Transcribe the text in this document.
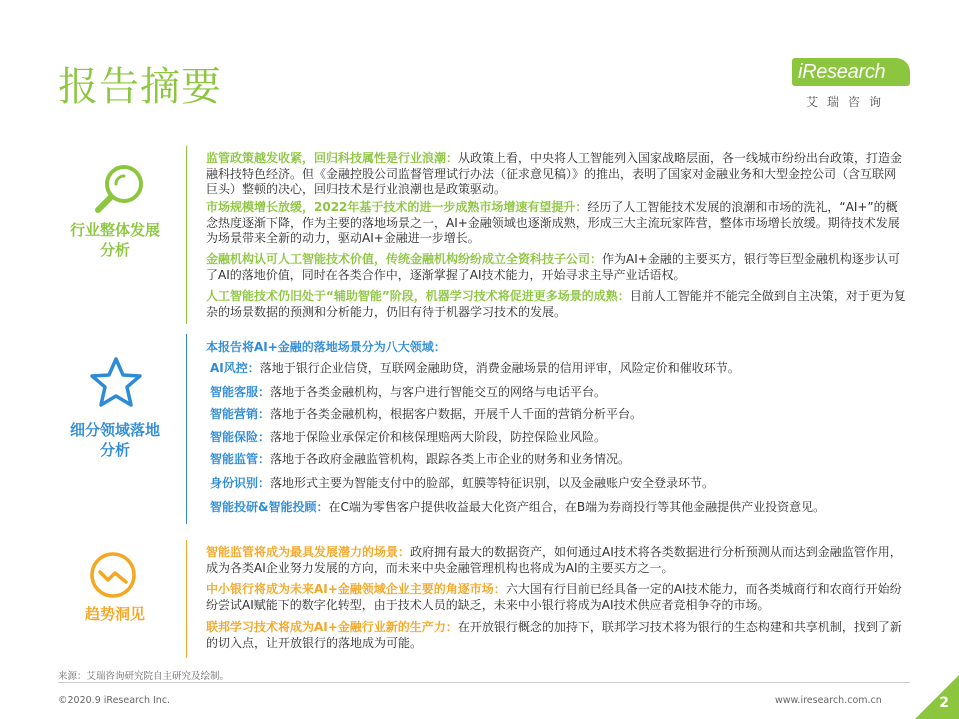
报告摘要	iResearch
艾瑞咨询
行业整体发展
分析
监管政策越发收紧，回归科技属性是行业浪潮：从政策上看，中央将人工智能列入国家战略层面，各一线城市纷纷出台政策，打造金融科技特色经济。但《金融控股公司监督管理试行办法（征求意见稿）》的推出，表明了国家对金融业务和大型金控公司（含互联网巨头）整顿的决心，回归技术是行业浪潮也是政策驱动。
市场规模增长放缓，2022年基于技术的进一步成熟市场增速有望提升：经历了人工智能技术发展的浪潮和市场的洗礼，“AI+”的概念热度逐渐下降，作为主要的落地场景之一，AI+金融领域也逐渐成熟，形成三大主流玩家阵营，整体市场增长放缓。期待技术发展为场景带来全新的动力，驱动AI+金融进一步增长。
金融机构认可人工智能技术价值，传统金融机构纷纷成立全资科技子公司：作为AI+金融的主要买方，银行等巨型金融机构逐步认可了AI的落地价值，同时在各类合作中，逐渐掌握了AI技术能力，开始寻求主导产业话语权。
人工智能技术仍旧处于“辅助智能”阶段，机器学习技术将促进更多场景的成熟：目前人工智能并不能完全做到自主决策，对于更为复杂的场景数据的预测和分析能力，仍旧有待于机器学习技术的发展。
细分领域落地
分析
本报告将AI+金融的落地场景分为八大领域：
AI风控：落地于银行企业信贷，互联网金融助贷，消费金融场景的信用评审，风险定价和催收环节。
智能客服：落地于各类金融机构，与客户进行智能交互的网络与电话平台。
智能营销：落地于各类金融机构，根据客户数据，开展千人千面的营销分析平台。
智能保险：落地于保险业承保定价和核保理赔两大阶段，防控保险业风险。
智能监管：落地于各政府金融监管机构，跟踪各类上市企业的财务和业务情况。
身份识别：落地形式主要为智能支付中的脸部，虹膜等特征识别，以及金融账户安全登录环节。
智能投研&智能投顾：在C端为零售客户提供收益最大化资产组合，在B端为券商投行等其他金融提供产业投资意见。
趋势洞见
智能监管将成为最具发展潜力的场景：政府拥有最大的数据资产，如何通过AI技术将各类数据进行分析预测从而达到金融监管作用，成为各类AI企业努力发展的方向，而未来中央金融管理机构也将成为AI的主要买方之一。
中小银行将成为未来AI+金融领域企业主要的角逐市场：六大国有行目前已经具备一定的AI技术能力，而各类城商行和农商行开始纷纷尝试AI赋能下的数字化转型，由于技术人员的缺乏，未来中小银行将成为AI技术供应者竞相争夺的市场。
联邦学习技术将成为AI+金融行业新的生产力：在开放银行概念的加持下，联邦学习技术将为银行的生态构建和共享机制，找到了新的切入点，让开放银行的落地成为可能。
来源：艾瑞咨询研究院自主研究及绘制。
©2020.9 iResearch Inc.	www.iresearch.com.cn	2
